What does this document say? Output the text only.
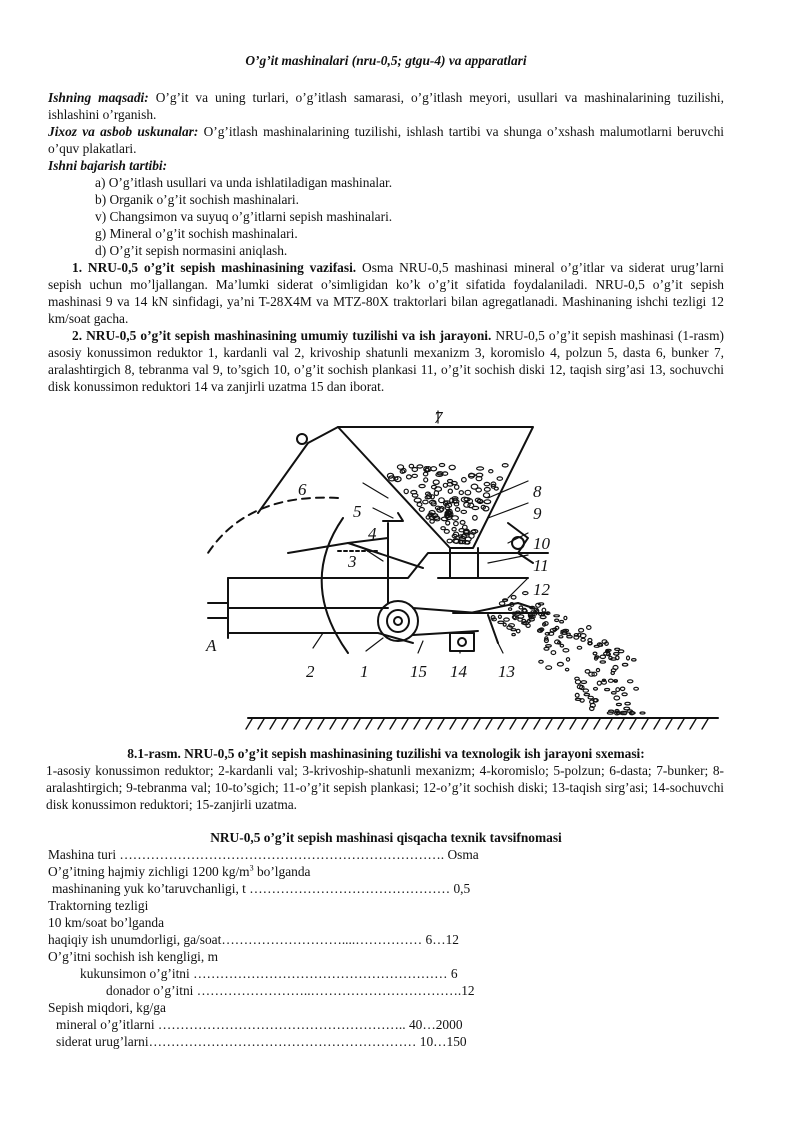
O’g’it mashinalari (nru-0,5; gtgu-4) va apparatlari

Ishning maqsadi: O’g’it va uning turlari, o’g’itlash samarasi, o’g’itlash meyori, usullari va mashinalarining tuzilishi, ishlashini o’rganish.

Jixoz va asbob uskunalar: O’g’itlash mashinalarining tuzilishi, ishlash tartibi va shunga o’xshash malumotlarni beruvchi o’quv plakatlari.

Ishni bajarish tartibi:

a) O’g’itlash usullari va unda ishlatiladigan mashinalar.
b) Organik o’g’it sochish mashinalari.
v) Changsimon va suyuq o’g’itlarni sepish mashinalari.
g) Mineral o’g’it sochish mashinalari.
d) O’g’it sepish normasini aniqlash.

1. NRU-0,5 o’g’it sepish mashinasining vazifasi. Osma NRU-0,5 mashinasi mineral o’g’itlar va siderat urug’larni sepish uchun mo’ljallangan. Ma’lumki siderat o’simligidan ko’k o’g’it sifatida foydalaniladi. NRU-0,5 o’g’it sepish mashinasi 9 va 14 kN sinfidagi, ya’ni T-28X4M va MTZ-80X traktorlari bilan agregatlanadi. Mashinaning ishchi tezligi 12 km/soat gacha.

2. NRU-0,5 o’g’it sepish mashinasining umumiy tuzilishi va ish jarayoni. NRU-0,5 o’g’it sepish mashinasi (1-rasm) asosiy konussimon reduktor 1, kardanli val 2, krivoship shatunli mexanizm 3, koromislo 4, polzun 5, dasta 6, bunker 7, aralashtirgich 8, tebranma val 9, to’sgich 10, o’g’it sochish plankasi 11, o’g’it sochish diski 12, taqish sirg’asi 13, sochuvchi disk konussimon reduktori 14 va zanjirli uzatma 15 dan iborat.

7
6
5
4
3
8
9
10
11
12
2	1 15 14 13
A

8.1-rasm. NRU-0,5 o’g’it sepish mashinasining tuzilishi va texnologik ish jarayoni sxemasi:

1-asosiy konussimon reduktor; 2-kardanli val; 3-krivoship-shatunli mexanizm; 4-koromislo; 5-polzun; 6-dasta; 7-bunker; 8-aralashtirgich; 9-tebranma val; 10-to’sgich; 11-o’g’it sepish plankasi; 12-o’g’it sochish diski; 13-taqish sirg’asi; 14-sochuvchi disk konussimon reduktori; 15-zanjirli uzatma.

NRU-0,5 o’g’it sepish mashinasi qisqacha texnik tavsifnomasi
Mashina turi ………………………………………………………………. Osma
O’g’itning hajmiy zichligi 1200 $kg/m^3$ bo’lganda
mashinaning yuk ko’taruvchanligi, t ……………………………………… 0,5
Traktorning tezligi
10 km/soat bo’lganda
haqiqiy ish unumdorligi, ga/soat………………………....…………… 6…12
O’g’itni sochish ish kengligi, m
kukunsimon o’g’itni ………………………………………………… 6
donador o’g’itni ……………………..…………………………….12
Sepish miqdori, kg/ga
mineral o’g’itlarni ……………………………………………….. 40…2000
siderat urug’larni…………………………………………………… 10…150
